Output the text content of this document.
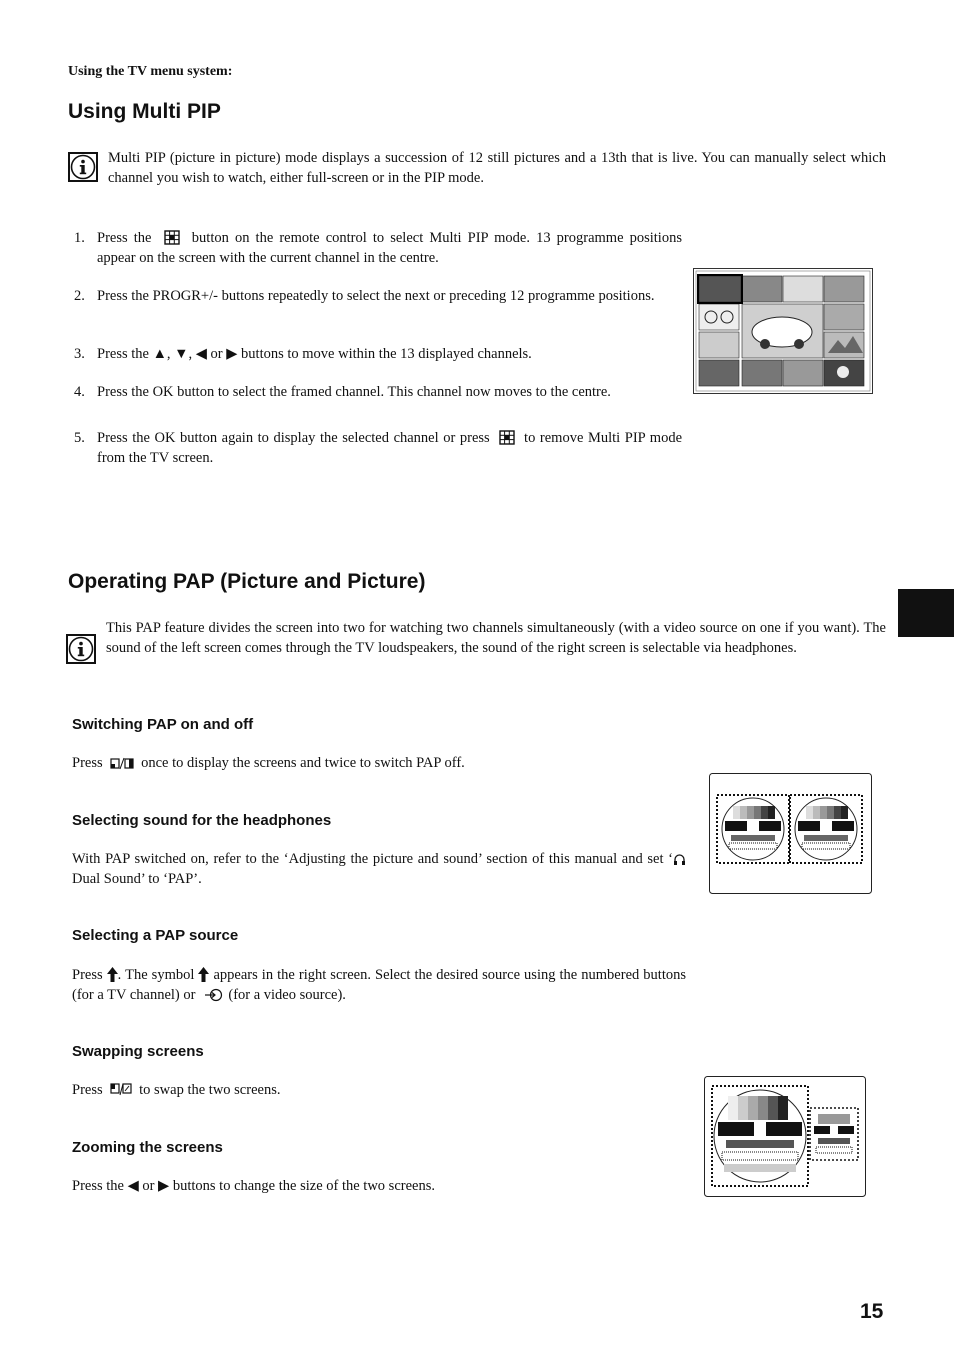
Using the TV menu system:
Using Multi PIP
Multi PIP (picture in picture) mode displays a succession of 12 still pictures and a 13th that is live. You can manually select which channel you wish to watch, either full-screen or in the PIP mode.
1. Press the	button on the remote control to select Multi PIP mode. 13 programme positions appear on the screen with the current channel in the centre.
2. Press the PROGR+/- buttons repeatedly to select the next or preceding 12 programme positions.
3. Press the ▲, ▼, ◀ or ▶ buttons to move within the 13 displayed channels.
4. Press the OK button to select the framed channel. This channel now moves to the centre.
5. Press the OK button again to display the selected channel or press to remove Multi PIP mode from the TV screen.
Operating PAP (Picture and Picture)
This PAP feature divides the screen into two for watching two channels simultaneously (with a video source on one if you want). The sound of the left screen comes through the TV loudspeakers, the sound of the right screen is selectable via headphones.
Switching PAP on and off
Press	once to display the screens and twice to switch PAP off.
Selecting sound for the headphones
With PAP switched on, refer to the ‘Adjusting the picture and sound’ section of this manual and set ‘ Dual Sound’ to ‘PAP’.
Selecting a PAP source
Press . The symbol appears in the right screen. Select the desired source using the numbered buttons (for a TV channel) or (for a video source).
Swapping screens
Press	to swap the two screens.
Zooming the screens
Press the ◀ or ▶ buttons to change the size of the two screens.
15
